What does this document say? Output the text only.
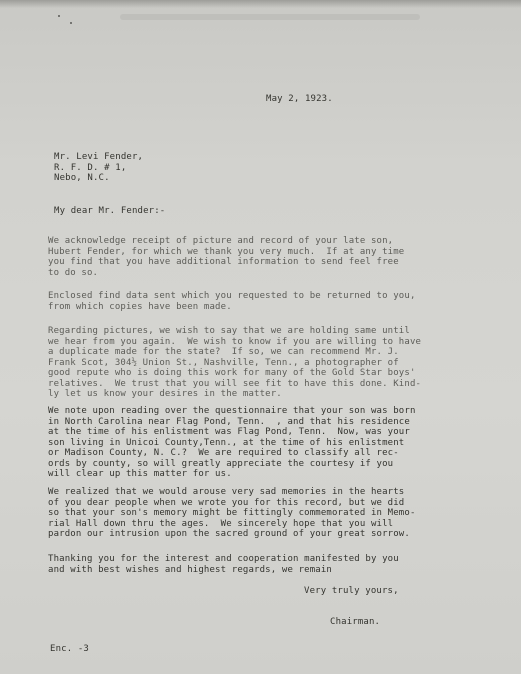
May 2, 1923.

Mr. Levi Fender,
R. F. D. # 1,
Nebo, N.C.

My dear Mr. Fender:-

We acknowledge receipt of picture and record of your late son,
Hubert Fender, for which we thank you very much.  If at any time
you find that you have additional information to send feel free
to do so.
Enclosed find data sent which you requested to be returned to you,
from which copies have been made.
Regarding pictures, we wish to say that we are holding same until
we hear from you again.  We wish to know if you are willing to have
a duplicate made for the state?  If so, we can recommend Mr. J.
Frank Scot, 304½ Union St., Nashville, Tenn., a photographer of
good repute who is doing this work for many of the Gold Star boys'
relatives.  We trust that you will see fit to have this done. Kind-
ly let us know your desires in the matter.
We note upon reading over the questionnaire that your son was born
in North Carolina near Flag Pond, Tenn.  , and that his residence
at the time of his enlistment was Flag Pond, Tenn.  Now, was your
son living in Unicoi County,Tenn., at the time of his enlistment
or Madison County, N. C.?  We are required to classify all rec-
ords by county, so will greatly appreciate the courtesy if you
will clear up this matter for us.
We realized that we would arouse very sad memories in the hearts
of you dear people when we wrote you for this record, but we did
so that your son's memory might be fittingly commemorated in Memo-
rial Hall down thru the ages.  We sincerely hope that you will
pardon our intrusion upon the sacred ground of your great sorrow.
Thanking you for the interest and cooperation manifested by you
and with best wishes and highest regards, we remain

Very truly yours,

Chairman.

Enc. -3
